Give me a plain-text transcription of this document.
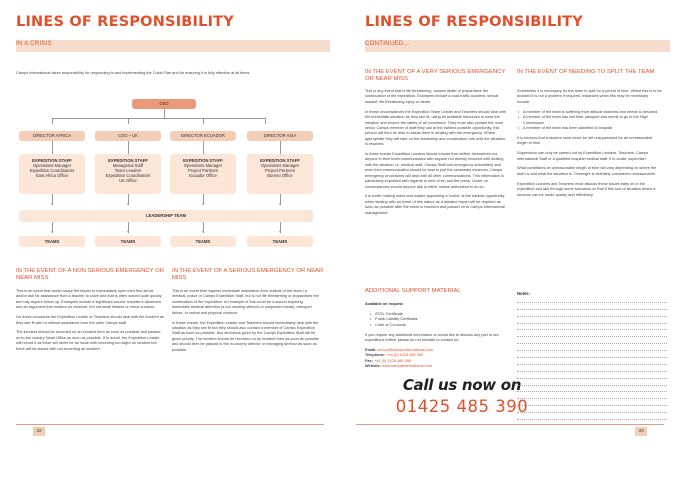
LINES OF RESPONSIBILITY
IN A CRISIS

Camps International takes responsibility for responding to and implementing the Crisis Plan and for ensuring it is fully effective at all times.

CEO
DIRECTOR AFRICA	COO – UK	DIRECTOR ECUADOR	DIRECTOR ASIA
EXPEDITION STAFF
Operations Manager
Expedition Coordinators
East Africa Office
EXPEDITION STAFF
Managerial Staff
Team Leaders
Expedition Coordinators
UK Office
EXPEDITION STAFF
Operations Manager
Project Partners
Ecuador Office
EXPEDITION STAFF
Operations Manager
Project Partners
Borneo Office
LEADERSHIP TEAM
TEAMS	TEAMS	TEAMS	TEAMS
IN THE EVENT OF A NON SERIOUS EMERGENCY OR NEAR MISS

This is an event that would cause the leader to immediately open their first aid kit and/or ask for assistance from a teacher to solve and that is often solved quite quickly but may require follow up. Examples include a significant wound, traveller's diarrhoea, and an argument that borders on violence, but not small blisters or minor sunburn.

On these occasions the Expedition Leader or Teachers should deal with the incident as they see fit with or without assistance from the other Camps staff.

The incident should be recorded on an incident form as soon as possible and passed on to the country Head Office as soon as possible. If in doubt, the Expedition Leader will record it as there will never be an issue with recording too slight an incident but there will be issues with not recording an incident.

IN THE EVENT OF A SERIOUS EMERGENCY OR NEAR MISS

This is an event that requires immediate assistance from outside of the team i.e. medical, police or Camps Expedition Staff, but is not life threatening or jeopardises the continuation of the expedition. An example of this could be a wound requiring immediate medical attention (a cut needing stitches or suspected break), transport failure, or verbal and physical violence.

In these events, the Expedition Leader and Teachers should immediately deal with the situation as they see fit but they should also contact a member of Camps Expedition Staff as soon as possible. Any directions given by the Camps Expedition Staff will be given priority. The incident should be recorded on an incident form as soon as possible and should then be passed to the in-country director or managing director as soon as possible.

32
LINES OF RESPONSIBILITY
CONTINUED...
IN THE EVENT OF A VERY SERIOUS EMERGENCY OR NEAR MISS

This is any event that is life threatening, causes death or jeopardises the continuation of the expedition. Examples include a road traffic accident, sexual assault, life threatening injury or death.

In these circumstances the Expedition Team Leader and Teachers should deal with the immediate situation as they see fit, using all available resources to ease the situation and ensure the safety of all concerned. They must also contact the most senior Camps member of staff they can at the earliest possible opportunity, this person will then be able to assist them in dealing with the emergency. Where appropriate they will take on the leadership and coordination role until the situation is resolved.

In these events Expedition Leaders should ensure that neither themselves nor anyone in their team communicates with anyone not directly involved with dealing with the situation i.e. medical staff, Camps Staff and emergency authorities) and even then communication should be kept to just the necessary minimum. Camps emergency procedures will deal with all other communications. This information is particularly important with regards to next of kin and the press. Under no circumstances should anyone talk to either unless authorised to do so.

It is worth making notes and maybe appointing a 'scribe' at the earliest opportunity when dealing with an event of this nature as a detailed report will be required as soon as possible after the event is resolved and passed on to Camps International management.

IN THE EVENT OF NEEDING TO SPLIT THE TEAM

Sometimes it is necessary for the team to split for a period of time. Whilst this is to be avoided it is not a problem if required. Instances when this may be necessary include:

• A member of the team is suffering from altitude sickness and needs to descend
• A member of the team has lost their passport and needs to go to the High Commission
• A member of the team has been admitted to hospital

It is obvious that a student must never be left unsupervised for an unreasonable length of time.

Supervision can only be carried out by Expedition Leaders, Teachers, Camps International Staff or a qualified hospital medical staff. If in doubt, supervise!

What constitutes an unreasonable length of time will vary depending on where the team is and what the situation is. Overnight is definitely considered unreasonable.

Expedition Leaders and Teachers must discuss these issues early on in the expedition and talk through some scenarios so that if this sort of situation arises a decision can be made quickly and effectively.

ADDITIONAL SUPPORT MATERIAL

Available on request:

• ATOL Certificate
• Public Liability Certificate
• Code of Conducts

If you require any additional information or would like to discuss any part of our expeditions further please do not hesitate to contact us.

Email: school@campsinternational.com

Telephone: +44 (0) 1425 485 390

Fax: +44 (0) 1425 485 398

Website: www.campsinternational.com

Call us now on
01425 485 390
Notes:
33
